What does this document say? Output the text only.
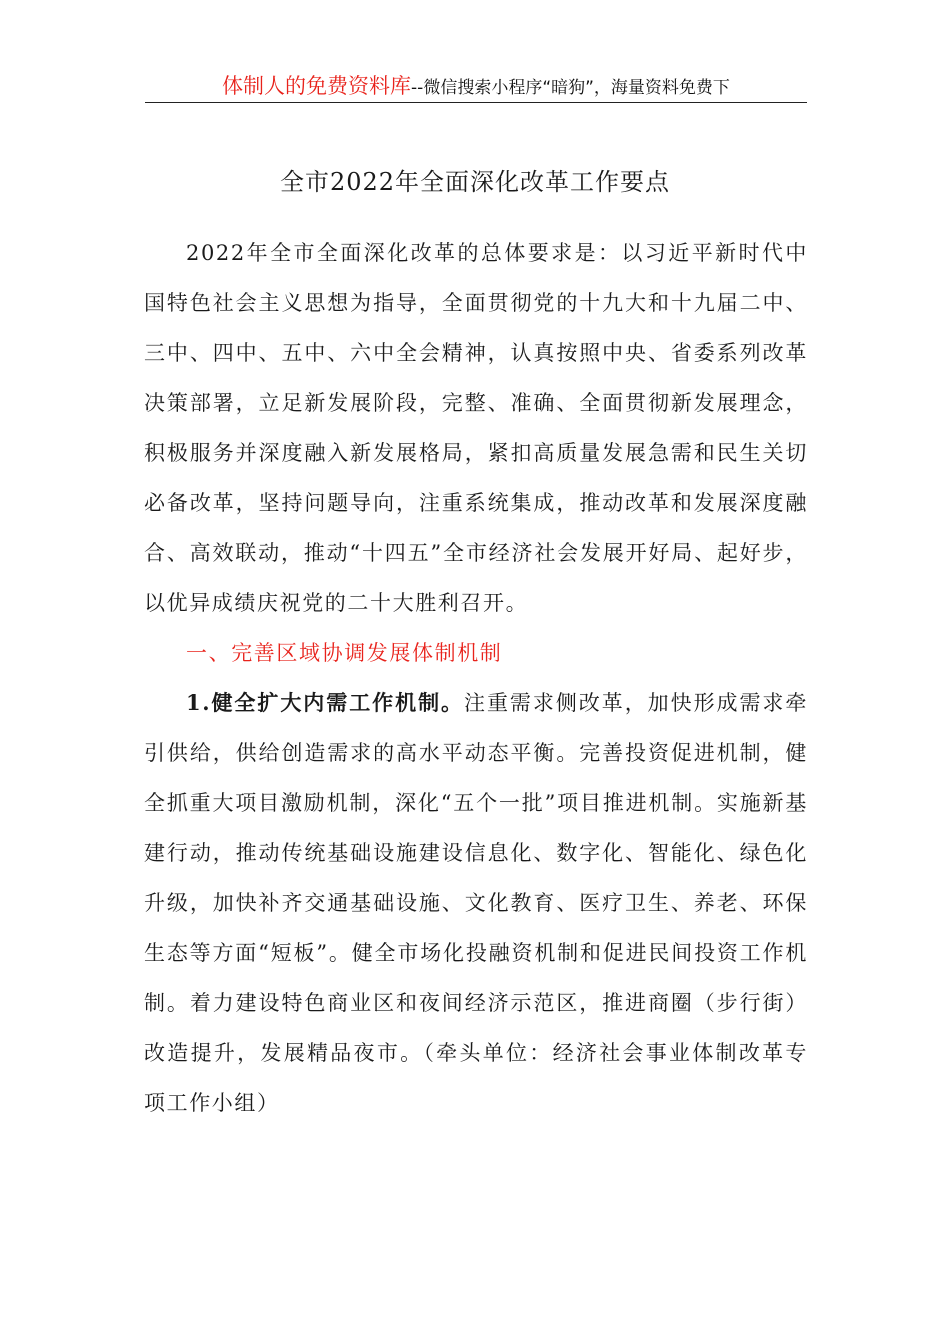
体制人的免费资料库--微信搜索小程序“暗狗”，海量资料免费下
全市2022年全面深化改革工作要点

2022年全市全面深化改革的总体要求是：以习近平新时代中国特色社会主义思想为指导，全面贯彻党的十九大和十九届二中、三中、四中、五中、六中全会精神，认真按照中央、省委系列改革决策部署，立足新发展阶段，完整、准确、全面贯彻新发展理念，积极服务并深度融入新发展格局，紧扣高质量发展急需和民生关切必备改革，坚持问题导向，注重系统集成，推动改革和发展深度融合、高效联动，推动“十四五”全市经济社会发展开好局、起好步，以优异成绩庆祝党的二十大胜利召开。

一、完善区域协调发展体制机制

1.健全扩大内需工作机制。注重需求侧改革，加快形成需求牵引供给，供给创造需求的高水平动态平衡。完善投资促进机制，健全抓重大项目激励机制，深化“五个一批”项目推进机制。实施新基建行动，推动传统基础设施建设信息化、数字化、智能化、绿色化升级，加快补齐交通基础设施、文化教育、医疗卫生、养老、环保生态等方面“短板”。健全市场化投融资机制和促进民间投资工作机制。着力建设特色商业区和夜间经济示范区，推进商圈（步行街）改造提升，发展精品夜市。（牵头单位：经济社会事业体制改革专项工作小组）
